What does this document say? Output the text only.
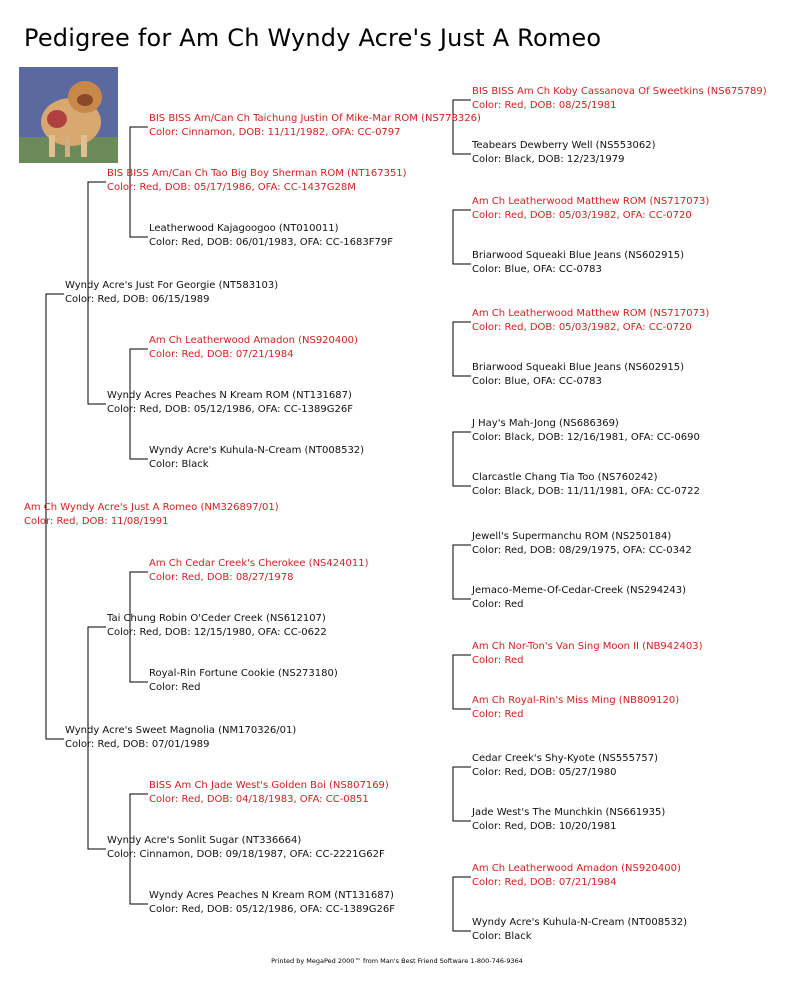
Pedigree for Am Ch Wyndy Acre's Just A Romeo
Am Ch Wyndy Acre's Just A Romeo (NM326897/01)
Color: Red, DOB: 11/08/1991
Wyndy Acre's Just For Georgie (NT583103)
Color: Red, DOB: 06/15/1989
Wyndy Acre's Sweet Magnolia (NM170326/01)
Color: Red, DOB: 07/01/1989
BIS BISS Am/Can Ch Tao Big Boy Sherman ROM (NT167351)
Color: Red, DOB: 05/17/1986, OFA: CC-1437G28M
Wyndy Acres Peaches N Kream ROM (NT131687)
Color: Red, DOB: 05/12/1986, OFA: CC-1389G26F
Tai Chung Robin O'Ceder Creek (NS612107)
Color: Red, DOB: 12/15/1980, OFA: CC-0622
Wyndy Acre's Sonlit Sugar (NT336664)
Color: Cinnamon, DOB: 09/18/1987, OFA: CC-2221G62F
BIS BISS Am/Can Ch Taichung Justin Of Mike-Mar ROM (NS778326)
Color: Cinnamon, DOB: 11/11/1982, OFA: CC-0797
Leatherwood Kajagoogoo (NT010011)
Color: Red, DOB: 06/01/1983, OFA: CC-1683F79F
Am Ch Leatherwood Amadon (NS920400)
Color: Red, DOB: 07/21/1984
Wyndy Acre's Kuhula-N-Cream (NT008532)
Color: Black
Am Ch Cedar Creek's Cherokee (NS424011)
Color: Red, DOB: 08/27/1978
Royal-Rin Fortune Cookie (NS273180)
Color: Red
BISS Am Ch Jade West's Golden Boi (NS807169)
Color: Red, DOB: 04/18/1983, OFA: CC-0851
Wyndy Acres Peaches N Kream ROM (NT131687)
Color: Red, DOB: 05/12/1986, OFA: CC-1389G26F
BIS BISS Am Ch Koby Cassanova Of Sweetkins (NS675789)
Color: Red, DOB: 08/25/1981
Teabears Dewberry Well (NS553062)
Color: Black, DOB: 12/23/1979
Am Ch Leatherwood Matthew ROM (NS717073)
Color: Red, DOB: 05/03/1982, OFA: CC-0720
Briarwood Squeaki Blue Jeans (NS602915)
Color: Blue, OFA: CC-0783
Am Ch Leatherwood Matthew ROM (NS717073)
Color: Red, DOB: 05/03/1982, OFA: CC-0720
Briarwood Squeaki Blue Jeans (NS602915)
Color: Blue, OFA: CC-0783
J Hay's Mah-Jong (NS686369)
Color: Black, DOB: 12/16/1981, OFA: CC-0690
Clarcastle Chang Tia Too (NS760242)
Color: Black, DOB: 11/11/1981, OFA: CC-0722
Jewell's Supermanchu ROM (NS250184)
Color: Red, DOB: 08/29/1975, OFA: CC-0342
Jemaco-Meme-Of-Cedar-Creek (NS294243)
Color: Red
Am Ch Nor-Ton's Van Sing Moon II (NB942403)
Color: Red
Am Ch Royal-Rin's Miss Ming (NB809120)
Color: Red
Cedar Creek's Shy-Kyote (NS555757)
Color: Red, DOB: 05/27/1980
Jade West's The Munchkin (NS661935)
Color: Red, DOB: 10/20/1981
Am Ch Leatherwood Amadon (NS920400)
Color: Red, DOB: 07/21/1984
Wyndy Acre's Kuhula-N-Cream (NT008532)
Color: Black
Printed by MegaPed 2000™ from Man's Best Friend Software 1-800-746-9364
